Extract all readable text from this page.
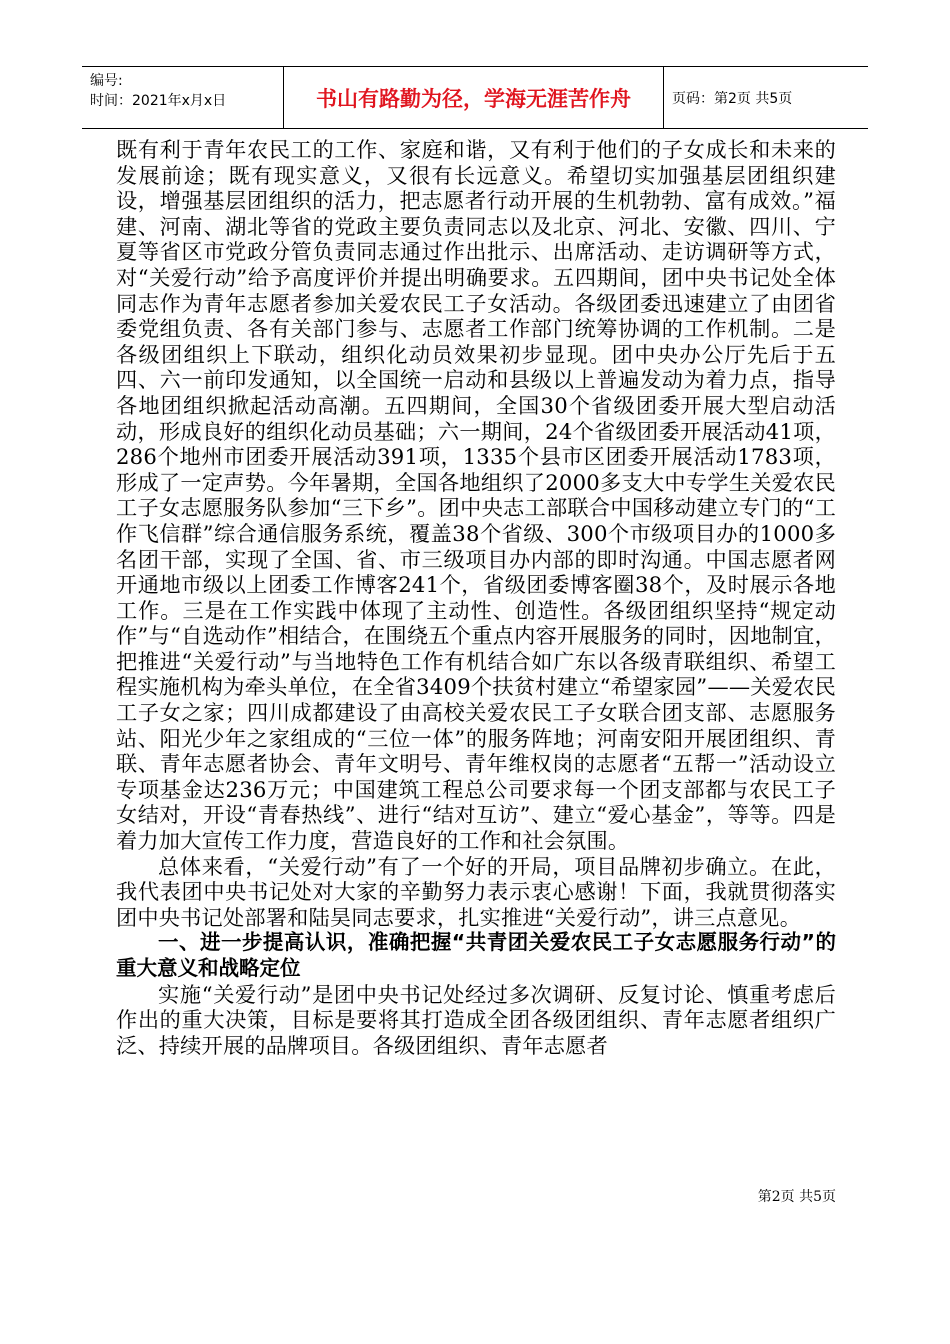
编号:
时间：2021年x月x日	书山有路勤为径，学海无涯苦作舟	页码：第2页 共5页

既有利于青年农民工的工作、家庭和谐，又有利于他们的子女成长和未来的发展前途；既有现实意义，又很有长远意义。希望切实加强基层团组织建设，增强基层团组织的活力，把志愿者行动开展的生机勃勃、富有成效。”福建、河南、湖北等省的党政主要负责同志以及北京、河北、安徽、四川、宁夏等省区市党政分管负责同志通过作出批示、出席活动、走访调研等方式，对“关爱行动”给予高度评价并提出明确要求。五四期间，团中央书记处全体同志作为青年志愿者参加关爱农民工子女活动。各级团委迅速建立了由团省委党组负责、各有关部门参与、志愿者工作部门统筹协调的工作机制。二是各级团组织上下联动，组织化动员效果初步显现。团中央办公厅先后于五四、六一前印发通知，以全国统一启动和县级以上普遍发动为着力点，指导各地团组织掀起活动高潮。五四期间，全国30个省级团委开展大型启动活动，形成良好的组织化动员基础；六一期间，24个省级团委开展活动41项，286个地州市团委开展活动391项，1335个县市区团委开展活动1783项，形成了一定声势。今年暑期，全国各地组织了2000多支大中专学生关爱农民工子女志愿服务队参加“三下乡”。团中央志工部联合中国移动建立专门的“工作飞信群”综合通信服务系统，覆盖38个省级、300个市级项目办的1000多名团干部，实现了全国、省、市三级项目办内部的即时沟通。中国志愿者网开通地市级以上团委工作博客241个，省级团委博客圈38个，及时展示各地工作。三是在工作实践中体现了主动性、创造性。各级团组织坚持“规定动作”与“自选动作”相结合，在围绕五个重点内容开展服务的同时，因地制宜，把推进“关爱行动”与当地特色工作有机结合如广东以各级青联组织、希望工程实施机构为牵头单位，在全省3409个扶贫村建立“希望家园”——关爱农民工子女之家；四川成都建设了由高校关爱农民工子女联合团支部、志愿服务站、阳光少年之家组成的“三位一体”的服务阵地；河南安阳开展团组织、青联、青年志愿者协会、青年文明号、青年维权岗的志愿者“五帮一”活动设立专项基金达236万元；中国建筑工程总公司要求每一个团支部都与农民工子女结对，开设“青春热线”、进行“结对互访”、建立“爱心基金”，等等。四是着力加大宣传工作力度，营造良好的工作和社会氛围。

总体来看，“关爱行动”有了一个好的开局，项目品牌初步确立。在此，我代表团中央书记处对大家的辛勤努力表示衷心感谢！下面，我就贯彻落实团中央书记处部署和陆昊同志要求，扎实推进“关爱行动”，讲三点意见。

一、进一步提高认识，准确把握“共青团关爱农民工子女志愿服务行动”的重大意义和战略定位

实施“关爱行动”是团中央书记处经过多次调研、反复讨论、慎重考虑后作出的重大决策，目标是要将其打造成全团各级团组织、青年志愿者组织广泛、持续开展的品牌项目。各级团组织、青年志愿者

第2页 共5页
